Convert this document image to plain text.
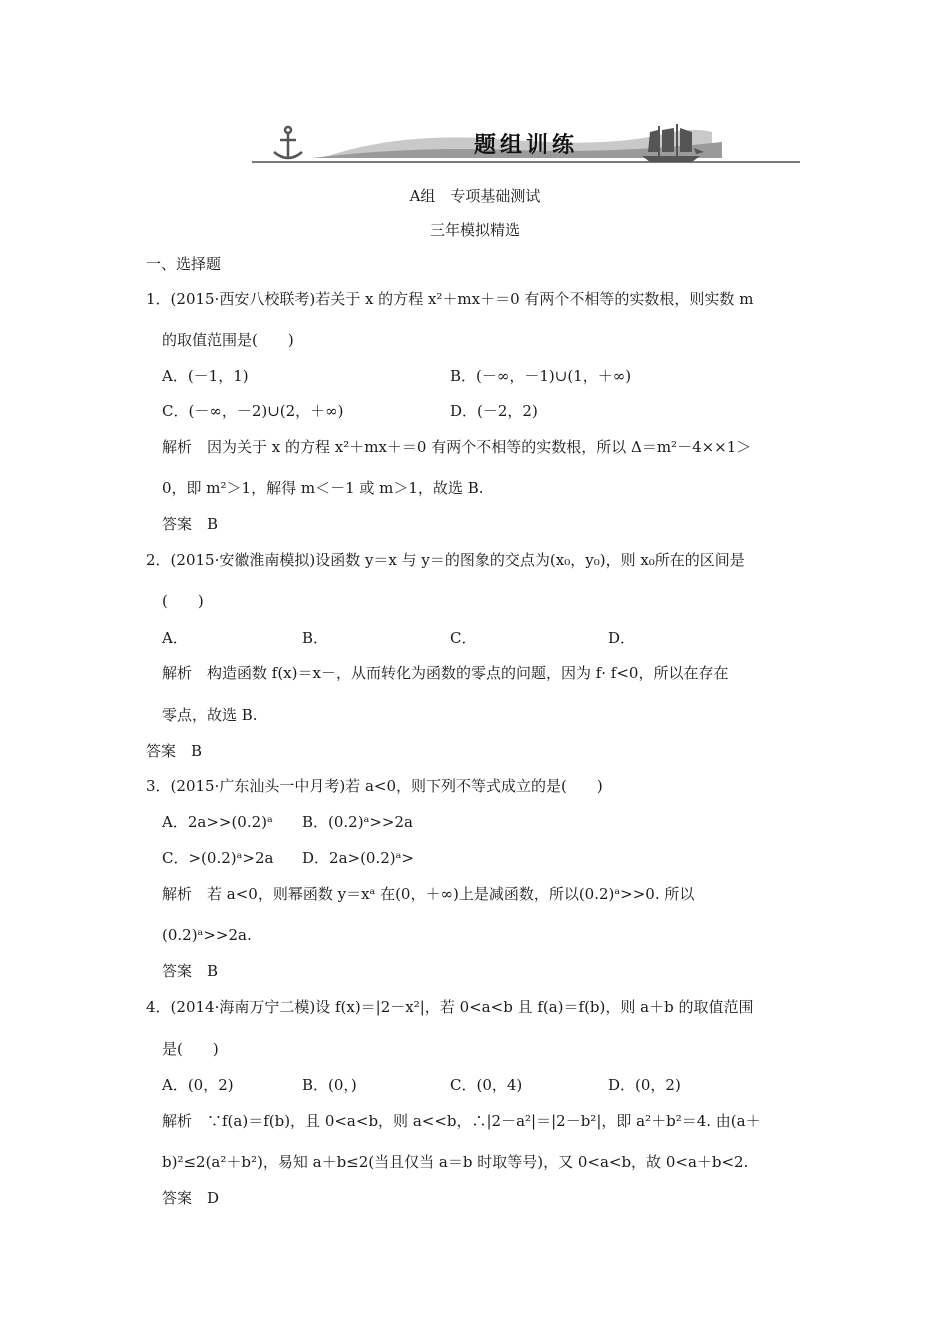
题组训练
A组　专项基础测试
三年模拟精选
一、选择题
1．(2015·西安八校联考)若关于 x 的方程 x²＋mx＋＝0 有两个不相等的实数根，则实数 m
的取值范围是(　　)
A．(－1，1)	B．(－∞，－1)∪(1，＋∞)
C．(－∞，－2)∪(2，＋∞)	D．(－2，2)
解析　因为关于 x 的方程 x²＋mx＋＝0 有两个不相等的实数根，所以 Δ＝m²－4××1＞
0，即 m²＞1，解得 m＜－1 或 m＞1，故选 B.
答案　B
2．(2015·安徽淮南模拟)设函数 y＝x 与 y＝的图象的交点为(x₀，y₀)，则 x₀所在的区间是
(　　)
A．	B．	C．	D．
解析　构造函数 f(x)＝x－，从而转化为函数的零点的问题，因为 f· f<0，所以在存在
零点，故选 B.
答案　B
3．(2015·广东汕头一中月考)若 a<0，则下列不等式成立的是(　　)
A．2a>>(0.2)ᵃ B．(0.2)ᵃ>>2a
C．>(0.2)ᵃ>2a D．2a>(0.2)ᵃ>
解析　若 a<0，则幂函数 y＝xᵃ 在(0，＋∞)上是减函数，所以(0.2)ᵃ>>0. 所以
(0.2)ᵃ>>2a.
答案　B
4．(2014·海南万宁二模)设 f(x)＝|2－x²|，若 0<a<b 且 f(a)＝f(b)，则 a＋b 的取值范围
是(　　)
A．(0，2)	B．(0，)	C．(0，4)	D．(0，2)
解析　∵f(a)＝f(b)，且 0<a<b，则 a<<b，∴|2－a²|＝|2－b²|，即 a²＋b²＝4. 由(a＋
b)²≤2(a²＋b²)，易知 a＋b≤2(当且仅当 a＝b 时取等号)，又 0<a<b，故 0<a＋b<2.
答案　D
